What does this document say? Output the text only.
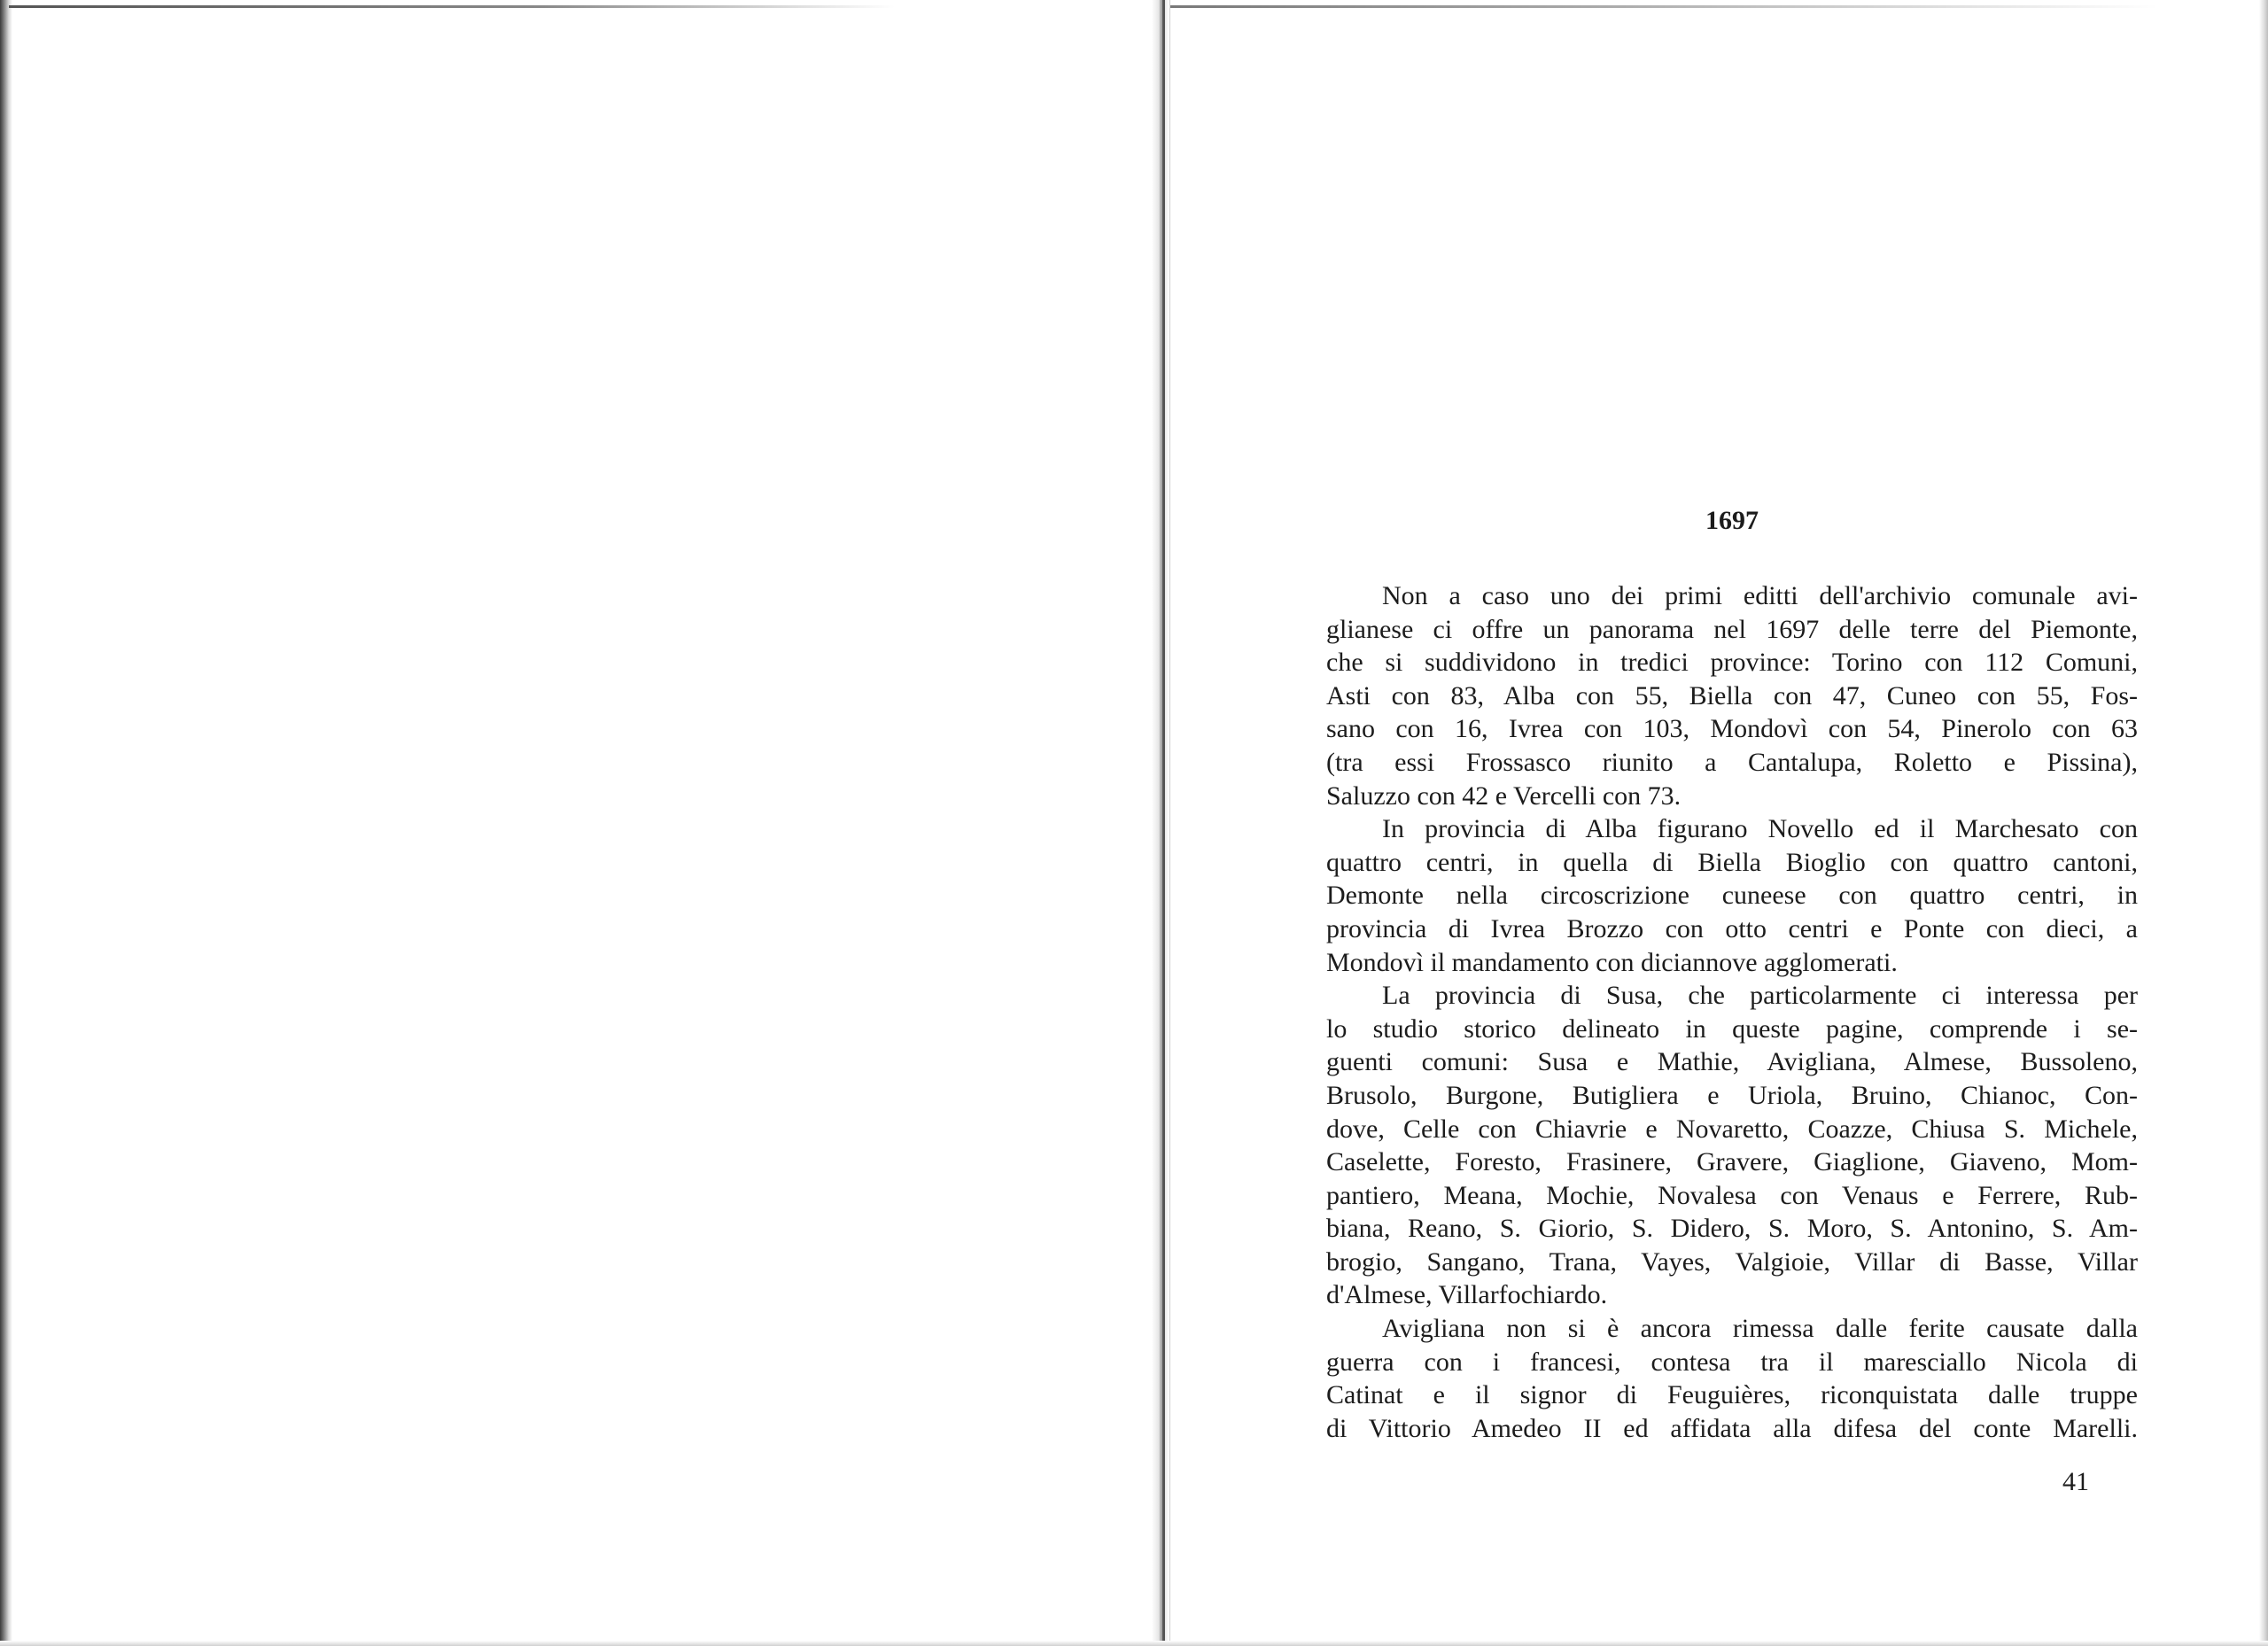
1697

Non a caso uno dei primi editti dell'archivio comunale avi-
glianese ci offre un panorama nel 1697 delle terre del Piemonte,
che si suddividono in tredici province: Torino con 112 Comuni,
Asti con 83, Alba con 55, Biella con 47, Cuneo con 55, Fos-
sano con 16, Ivrea con 103, Mondovì con 54, Pinerolo con 63
(tra essi Frossasco riunito a Cantalupa, Roletto e Pissina),
Saluzzo con 42 e Vercelli con 73.

In provincia di Alba figurano Novello ed il Marchesato con
quattro centri, in quella di Biella Bioglio con quattro cantoni,
Demonte nella circoscrizione cuneese con quattro centri, in
provincia di Ivrea Brozzo con otto centri e Ponte con dieci, a
Mondovì il mandamento con diciannove agglomerati.

La provincia di Susa, che particolarmente ci interessa per
lo studio storico delineato in queste pagine, comprende i se-
guenti comuni: Susa e Mathie, Avigliana, Almese, Bussoleno,
Brusolo, Burgone, Butigliera e Uriola, Bruino, Chianoc, Con-
dove, Celle con Chiavrie e Novaretto, Coazze, Chiusa S. Michele,
Caselette, Foresto, Frasinere, Gravere, Giaglione, Giaveno, Mom-
pantiero, Meana, Mochie, Novalesa con Venaus e Ferrere, Rub-
biana, Reano, S. Giorio, S. Didero, S. Moro, S. Antonino, S. Am-
brogio, Sangano, Trana, Vayes, Valgioie, Villar di Basse, Villar
d'Almese, Villarfochiardo.

Avigliana non si è ancora rimessa dalle ferite causate dalla
guerra con i francesi, contesa tra il maresciallo Nicola di
Catinat e il signor di Feuguières, riconquistata dalle truppe
di Vittorio Amedeo II ed affidata alla difesa del conte Marelli.

41
